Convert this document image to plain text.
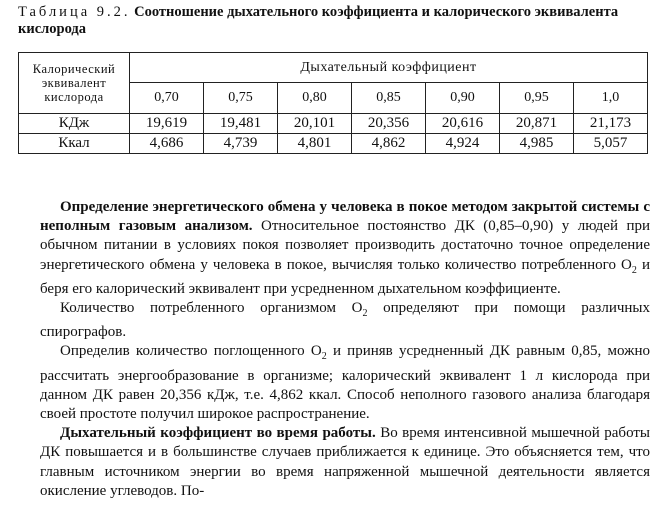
Таблица 9.2. Соотношение дыхательного коэффициента и калорического эквивалента кислорода
Калорический эквивалент кислорода	Дыхательный коэффициент						
	0,70	0,75	0,80	0,85	0,90	0,95	1,0
КДж	19,619	19,481	20,101	20,356	20,616	20,871	21,173
Ккал	4,686	4,739	4,801	4,862	4,924	4,985	5,057

Определение энергетического обмена у человека в покое методом закрытой системы с неполным газовым анализом. Относительное постоянство ДК (0,85–0,90) у людей при обычном питании в условиях покоя позволяет производить достаточно точное определение энергетического обмена у человека в покое, вычисляя только количество потребленного $О_2$ и беря его калорический эквивалент при усредненном дыхательном коэффициенте.

Количество потребленного организмом $О_2$ определяют при помощи различных спирографов.

Определив количество поглощенного $О_2$ и приняв усредненный ДК равным 0,85, можно рассчитать энергообразование в организме; калорический эквивалент 1 л кислорода при данном ДК равен 20,356 кДж, т.е. 4,862 ккал. Способ неполного газового анализа благодаря своей простоте получил широкое распространение.

Дыхательный коэффициент во время работы. Во время интенсивной мышечной работы ДК повышается и в большинстве случаев приближается к единице. Это объясняется тем, что главным источником энергии во время напряженной мышечной деятельности является окисление углеводов. По-
